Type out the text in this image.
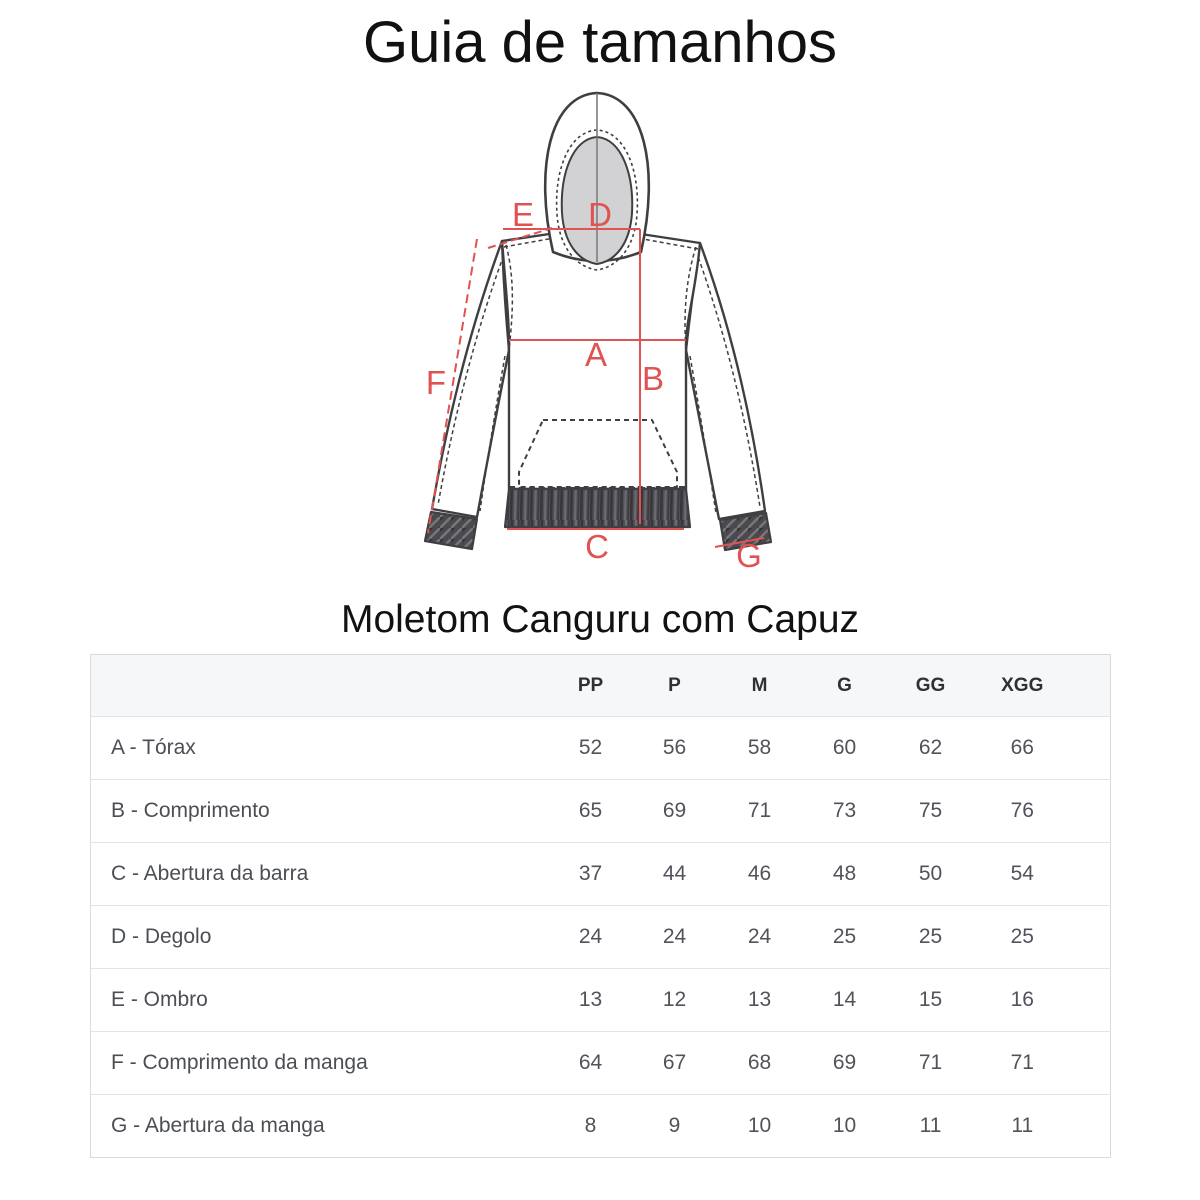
Guia de tamanhos
E D
A
B
F
C	G
Moletom Canguru com Capuz
	PP	P	M	G	GG	XGG
A - Tórax	52	56	58	60	62	66
B - Comprimento	65	69	71	73	75	76
C - Abertura da barra	37	44	46	48	50	54
D - Degolo	24	24	24	25	25	25
E - Ombro	13	12	13	14	15	16
F - Comprimento da manga	64	67	68	69	71	71
G - Abertura da manga	8	9	10	10	11	11
